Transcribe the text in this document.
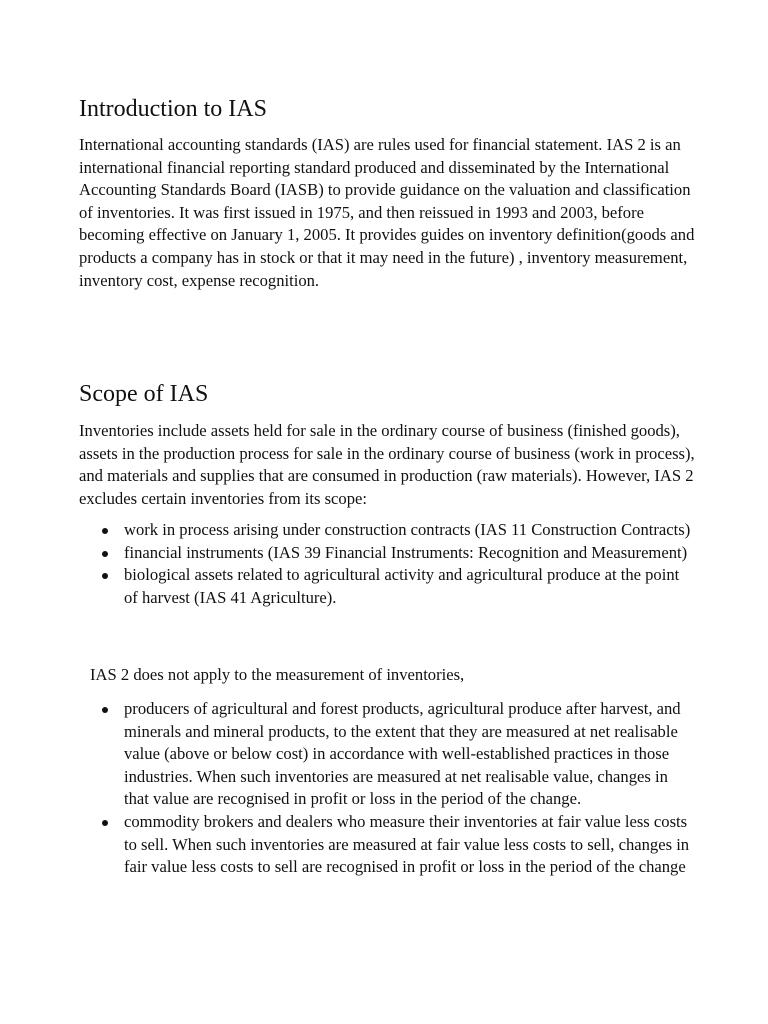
Introduction to IAS

International accounting standards (IAS) are rules used for financial statement. IAS 2 is an international financial reporting standard produced and disseminated by the International Accounting Standards Board (IASB) to provide guidance on the valuation and classification of inventories. It was first issued in 1975, and then reissued in 1993 and 2003, before becoming effective on January 1, 2005. It provides guides on inventory definition(goods and products a company has in stock or that it may need in the future) , inventory measurement, inventory cost, expense recognition.

Scope of IAS

Inventories include assets held for sale in the ordinary course of business (finished goods), assets in the production process for sale in the ordinary course of business (work in process), and materials and supplies that are consumed in production (raw materials). However, IAS 2 excludes certain inventories from its scope:

work in process arising under construction contracts (IAS 11 Construction Contracts)
financial instruments (IAS 39 Financial Instruments: Recognition and Measurement)
biological assets related to agricultural activity and agricultural produce at the point of harvest (IAS 41 Agriculture).

IAS 2 does not apply to the measurement of inventories,

producers of agricultural and forest products, agricultural produce after harvest, and minerals and mineral products, to the extent that they are measured at net realisable value (above or below cost) in accordance with well-established practices in those industries. When such inventories are measured at net realisable value, changes in that value are recognised in profit or loss in the period of the change.
commodity brokers and dealers who measure their inventories at fair value less costs to sell. When such inventories are measured at fair value less costs to sell, changes in fair value less costs to sell are recognised in profit or loss in the period of the change
